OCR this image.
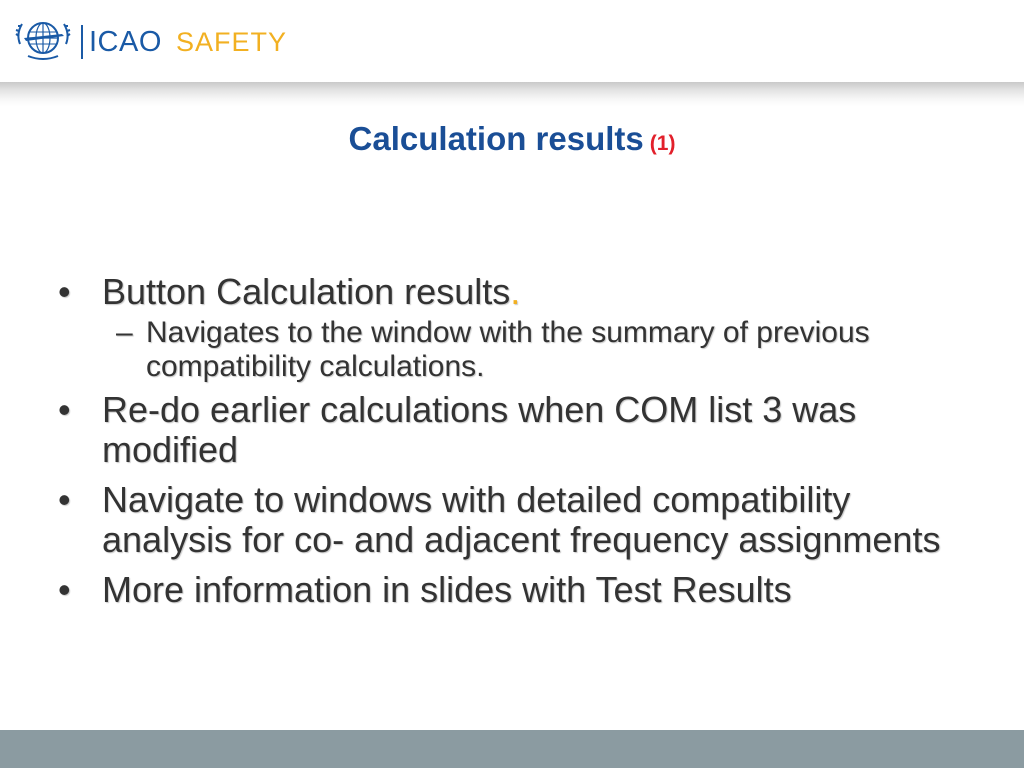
ICAO SAFETY
Calculation results (1)
• Button Calculation results.
– Navigates to the window with the summary of previous compatibility calculations.
• Re-do earlier calculations when COM list 3 was modified
• Navigate to windows with detailed compatibility analysis for co- and adjacent frequency assignments
• More information in slides with Test Results
